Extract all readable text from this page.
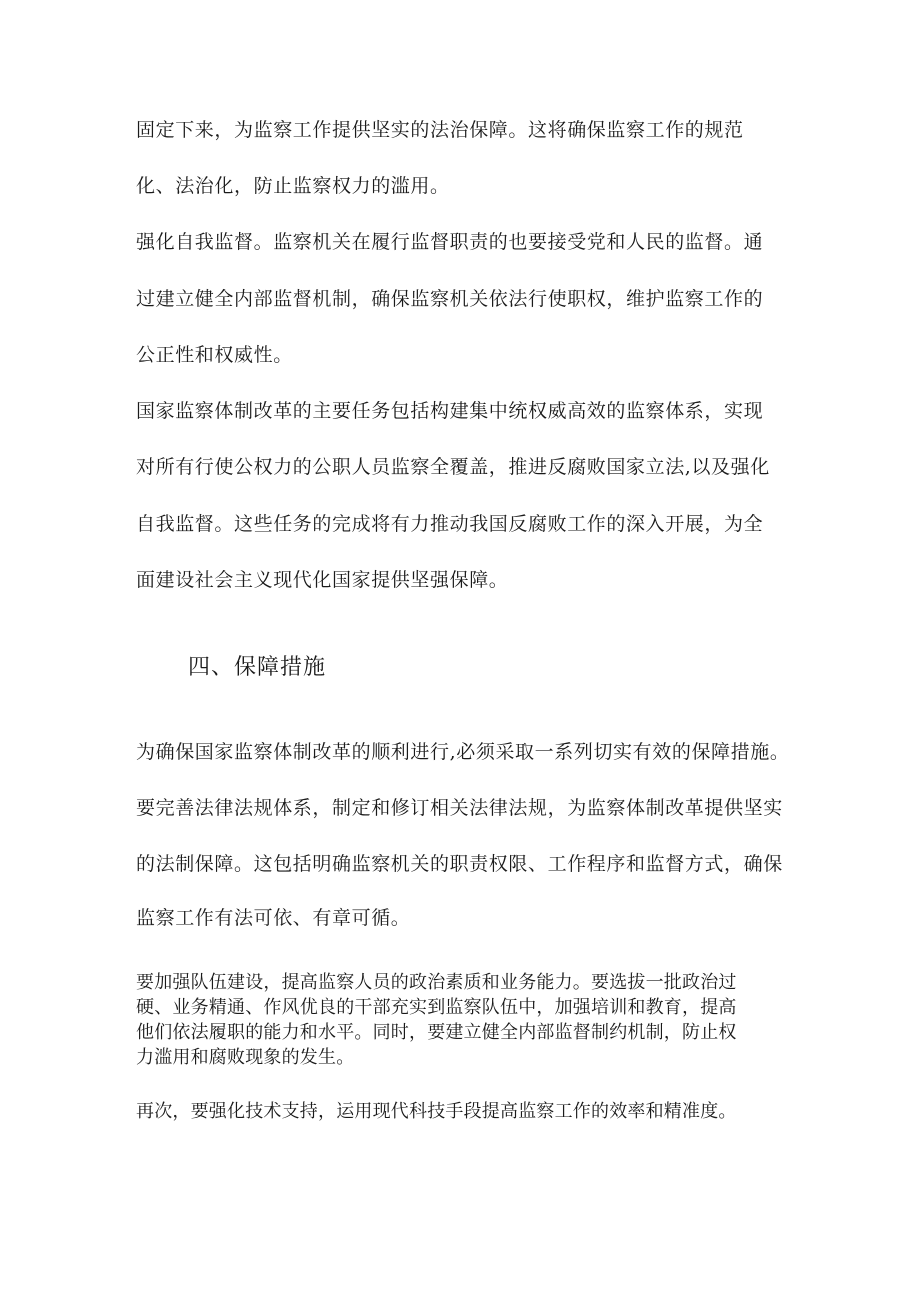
固定下来，为监察工作提供坚实的法治保障。这将确保监察工作的规范
化、法治化，防止监察权力的滥用。
强化自我监督。监察机关在履行监督职责的也要接受党和人民的监督。通
过建立健全内部监督机制，确保监察机关依法行使职权，维护监察工作的
公正性和权威性。
国家监察体制改革的主要任务包括构建集中统权威高效的监察体系，实现
对所有行使公权力的公职人员监察全覆盖，推进反腐败国家立法,以及强化
自我监督。这些任务的完成将有力推动我国反腐败工作的深入开展，为全
面建设社会主义现代化国家提供坚强保障。
四、保障措施
为确保国家监察体制改革的顺利进行,必须采取一系列切实有效的保障措施。
要完善法律法规体系，制定和修订相关法律法规，为监察体制改革提供坚实
的法制保障。这包括明确监察机关的职责权限、工作程序和监督方式，确保
监察工作有法可依、有章可循。
要加强队伍建设，提高监察人员的政治素质和业务能力。要选拔一批政治过
硬、业务精通、作风优良的干部充实到监察队伍中，加强培训和教育，提高
他们依法履职的能力和水平。同时，要建立健全内部监督制约机制，防止权
力滥用和腐败现象的发生。
再次，要强化技术支持，运用现代科技手段提高监察工作的效率和精准度。
